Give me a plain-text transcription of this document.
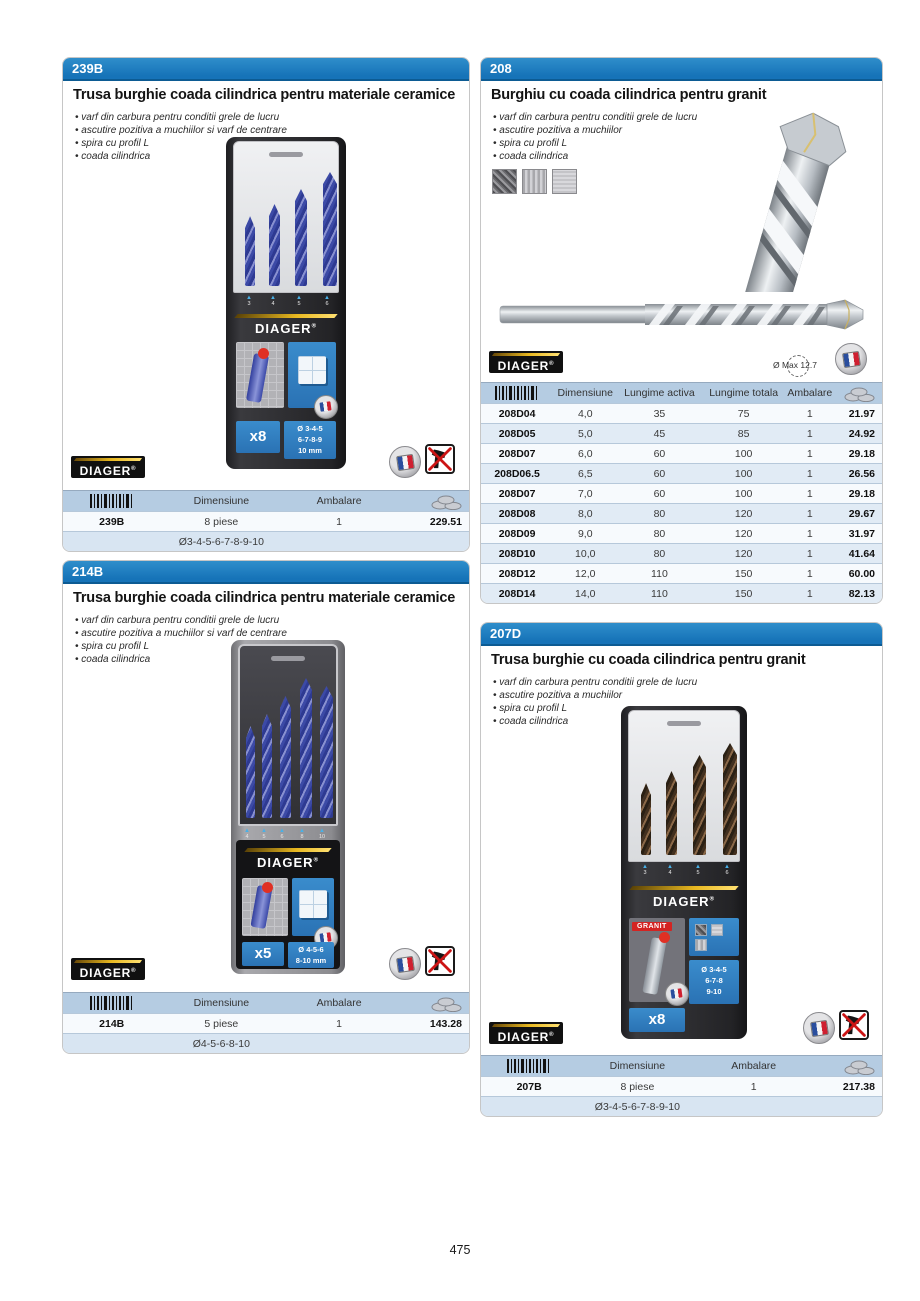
239B
Trusa burghie coada cilindrica pentru materiale ceramice
• varf din carbura pentru conditii grele de lucru
• ascutire pozitiva a muchiilor si varf de centrare
• spira cu profil L
• coada cilindrica
▲ 3	▲ 4	▲ 5	▲ 6
DIAGER®
x8	Ø 3-4-5
6-7-8-9
10 mm
DIAGER®
	Dimensiune	Ambalare	

239B	8 piese	1	229.51
	Ø3-4-5-6-7-8-9-10		
208
Burghiu cu coada cilindrica pentru granit
• varf din carbura pentru conditii grele de lucru
• ascutire pozitiva a muchiilor
• spira cu profil L
• coada cilindrica
DIAGER®	Ø Max 12.7
	Dimensiune	Lungime activa	Lungime totala	Ambalare	

208D04	4,0	35	75	1	21.97
208D05	5,0	45	85	1	24.92
208D07	6,0	60	100	1	29.18
208D06.5	6,5	60	100	1	26.56
208D07	7,0	60	100	1	29.18
208D08	8,0	80	120	1	29.67
208D09	9,0	80	120	1	31.97
208D10	10,0	80	120	1	41.64
208D12	12,0	110	150	1	60.00
208D14	14,0	110	150	1	82.13
214B
Trusa burghie coada cilindrica pentru materiale ceramice
• varf din carbura pentru conditii grele de lucru
• ascutire pozitiva a muchiilor si varf de centrare
• spira cu profil L
• coada cilindrica
▲ 4	▲ 5	▲ 6	▲ 8	▲ 10
DIAGER®
x5	Ø 4-5-6
8-10 mm
DIAGER®
	Dimensiune	Ambalare	

214B	5 piese	1	143.28
	Ø4-5-6-8-10		
207D
Trusa burghie cu coada cilindrica pentru granit
• varf din carbura pentru conditii grele de lucru
• ascutire pozitiva a muchiilor
• spira cu profil L
• coada cilindrica
▲ 3	▲ 4	▲ 5	▲ 6
DIAGER®
GRANIT
Ø 3-4-5
6-7-8
9-10
x8
DIAGER®
	Dimensiune	Ambalare	

207B	8 piese	1	217.38
	Ø3-4-5-6-7-8-9-10		
475
